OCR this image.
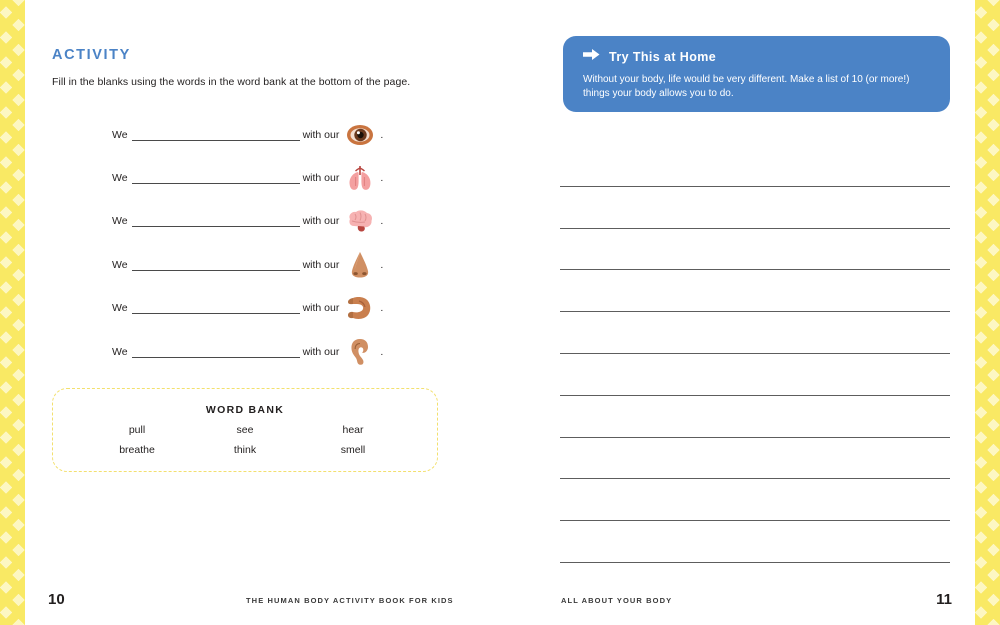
ACTIVITY
Fill in the blanks using the words in the word bank at the bottom of the page.
We	with our	.
We	with our	.
We	with our	.
We	with our	.
We	with our	.
We	with our	.
WORD BANK
pull	see	hear
breathe	think	smell
10	THE HUMAN BODY ACTIVITY BOOK FOR KIDS
Try This at Home
Without your body, life would be very different. Make a list of 10 (or more!) things your body allows you to do.
ALL ABOUT YOUR BODY	11
